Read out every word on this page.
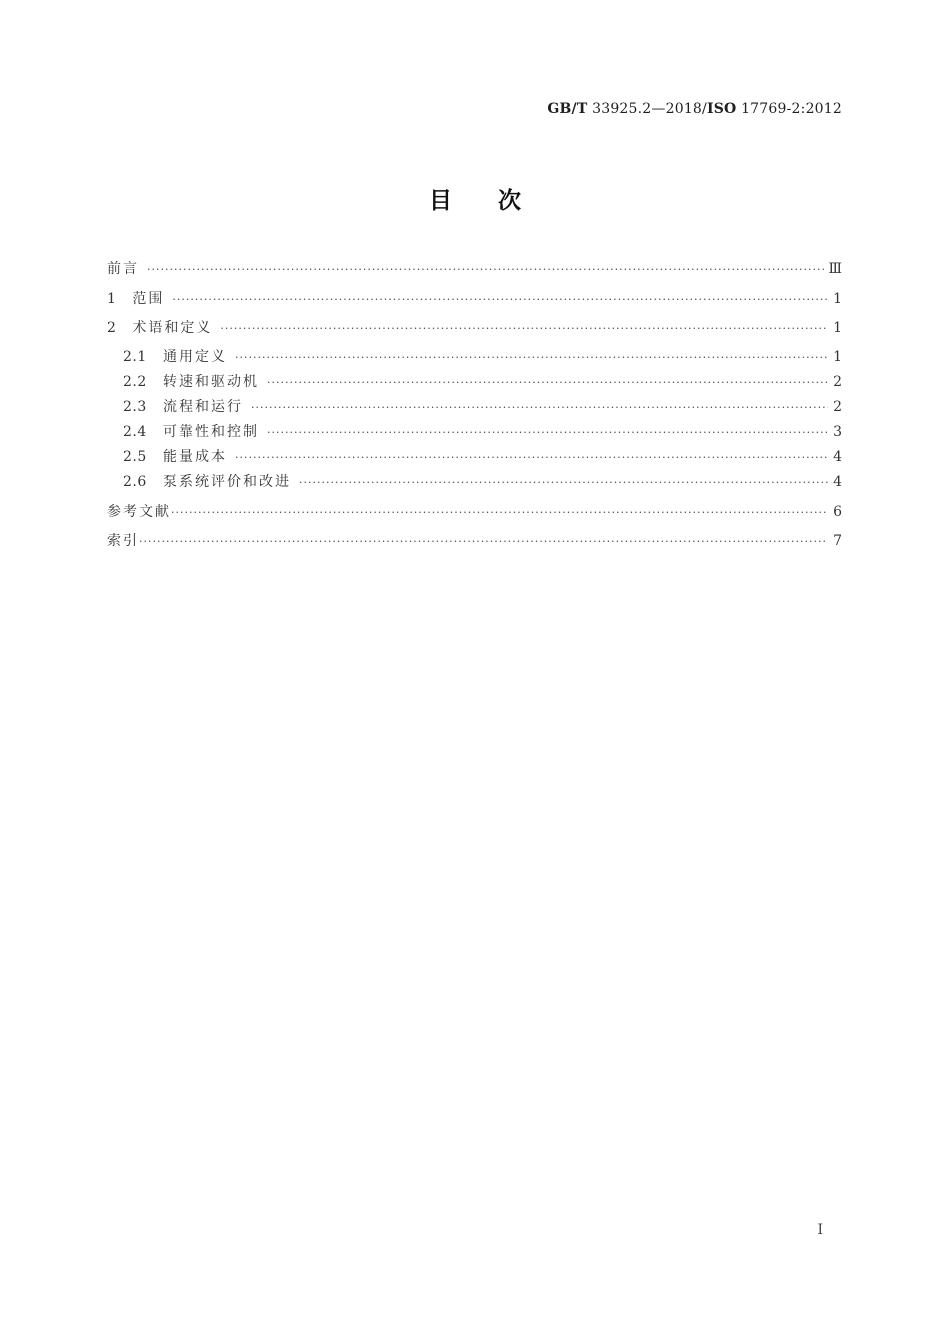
GB/T 33925.2—2018/ISO 17769-2:2012
目次
前言 ·····	Ⅲ
1 范围 ·····	1
2 术语和定义 ·····	1
2.1 通用定义 ·····	1
2.2 转速和驱动机 ·····	2
2.3 流程和运行 ·····	2
2.4 可靠性和控制 ·····	3
2.5 能量成本 ·····	4
2.6 泵系统评价和改进 ·····	4
参考文献 ·····	6
索引 ·····	7
I
